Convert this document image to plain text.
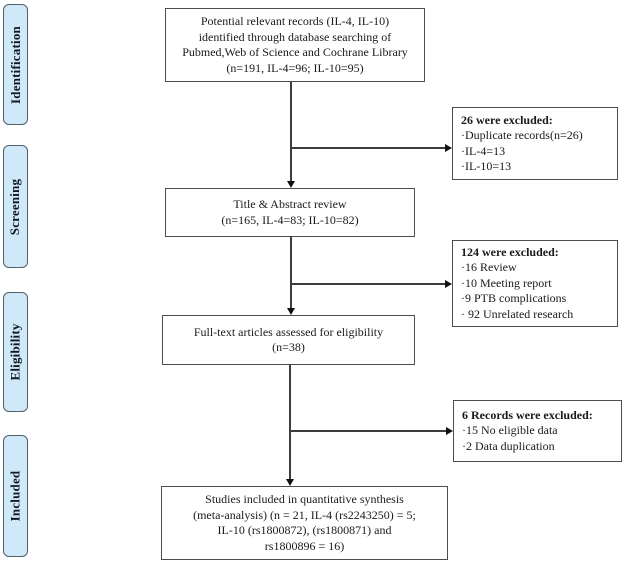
Identification
Screening
Eligibility
Included
Potential relevant records (IL-4, IL-10)
identified through database searching of
Pubmed,Web of Science and Cochrane Library
(n=191, IL-4=96; IL-10=95)
Title & Abstract review
(n=165, IL-4=83; IL-10=82)
Full-text articles assessed for eligibility
(n=38)
Studies included in quantitative synthesis
(meta-analysis) (n = 21, IL-4 (rs2243250) = 5;
IL-10 (rs1800872), (rs1800871) and
rs1800896 = 16)
26 were excluded:
·Duplicate records(n=26)
·IL-4=13
·IL-10=13
124 were excluded:
·16 Review
·10 Meeting report
·9 PTB complications
· 92 Unrelated research
6 Records were excluded:
·15 No eligible data
·2 Data duplication
